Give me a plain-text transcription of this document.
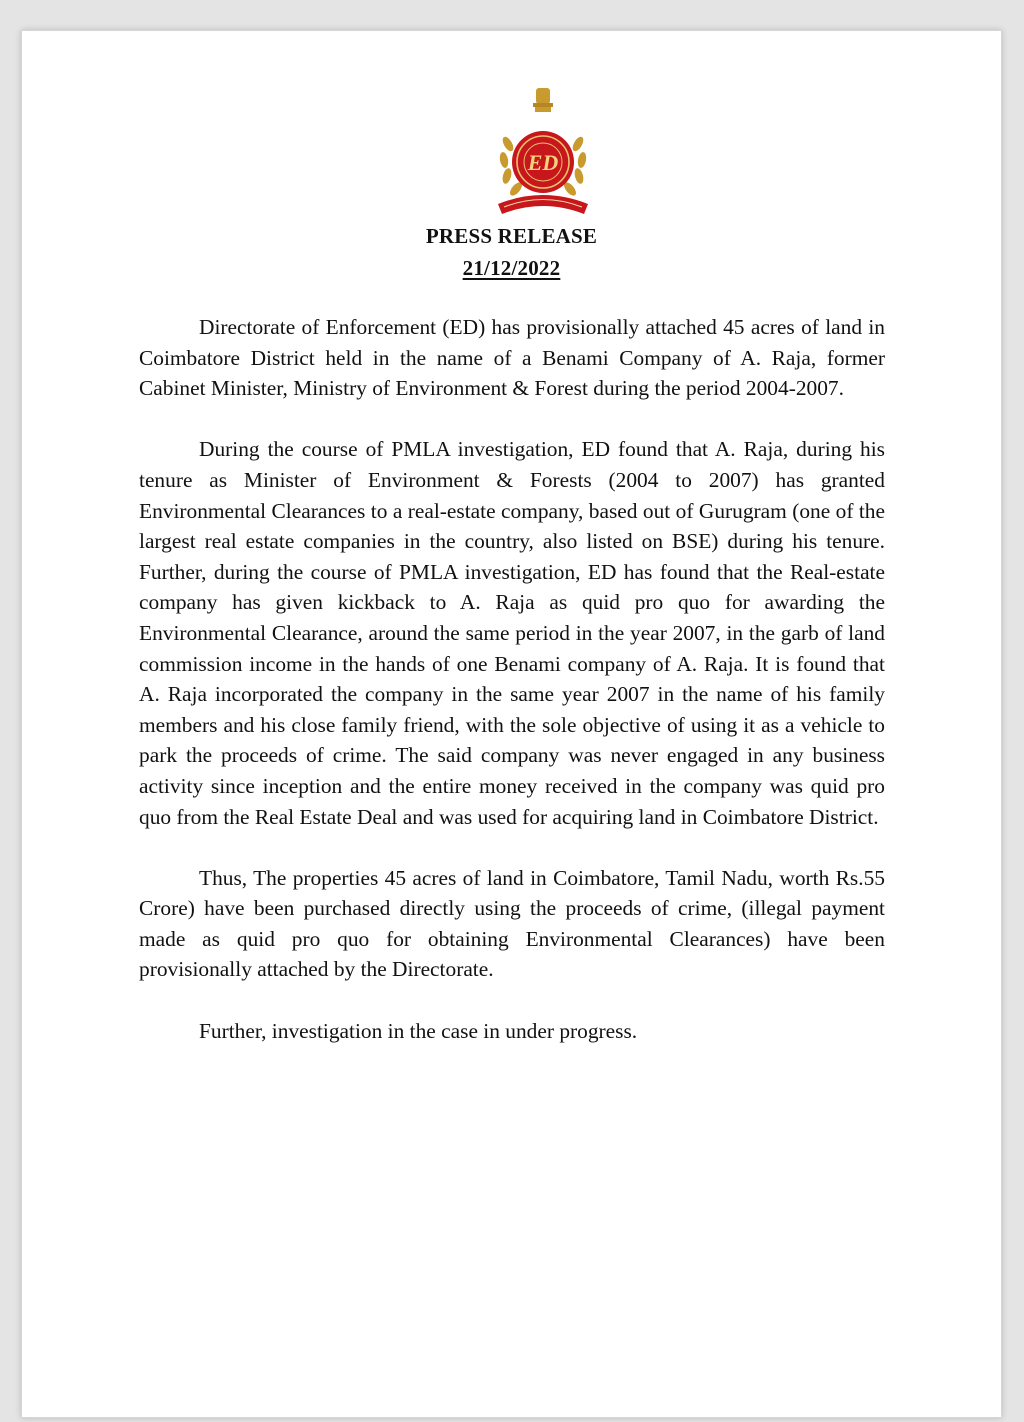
ED
PRESS RELEASE
21/12/2022

Directorate of Enforcement (ED) has provisionally attached 45 acres of land in Coimbatore District held in the name of a Benami Company of A. Raja, former Cabinet Minister, Ministry of Environment & Forest during the period 2004-2007.

During the course of PMLA investigation, ED found that A. Raja, during his tenure as Minister of Environment & Forests (2004 to 2007) has granted Environmental Clearances to a real-estate company, based out of Gurugram (one of the largest real estate companies in the country, also listed on BSE) during his tenure. Further, during the course of PMLA investigation, ED has found that the Real-estate company has given kickback to A. Raja as quid pro quo for awarding the Environmental Clearance, around the same period in the year 2007, in the garb of land commission income in the hands of one Benami company of A. Raja. It is found that A. Raja incorporated the company in the same year 2007 in the name of his family members and his close family friend, with the sole objective of using it as a vehicle to park the proceeds of crime. The said company was never engaged in any business activity since inception and the entire money received in the company was quid pro quo from the Real Estate Deal and was used for acquiring land in Coimbatore District.

Thus, The properties 45 acres of land in Coimbatore, Tamil Nadu, worth Rs.55 Crore) have been purchased directly using the proceeds of crime, (illegal payment made as quid pro quo for obtaining Environmental Clearances) have been provisionally attached by the Directorate.

Further, investigation in the case in under progress.
